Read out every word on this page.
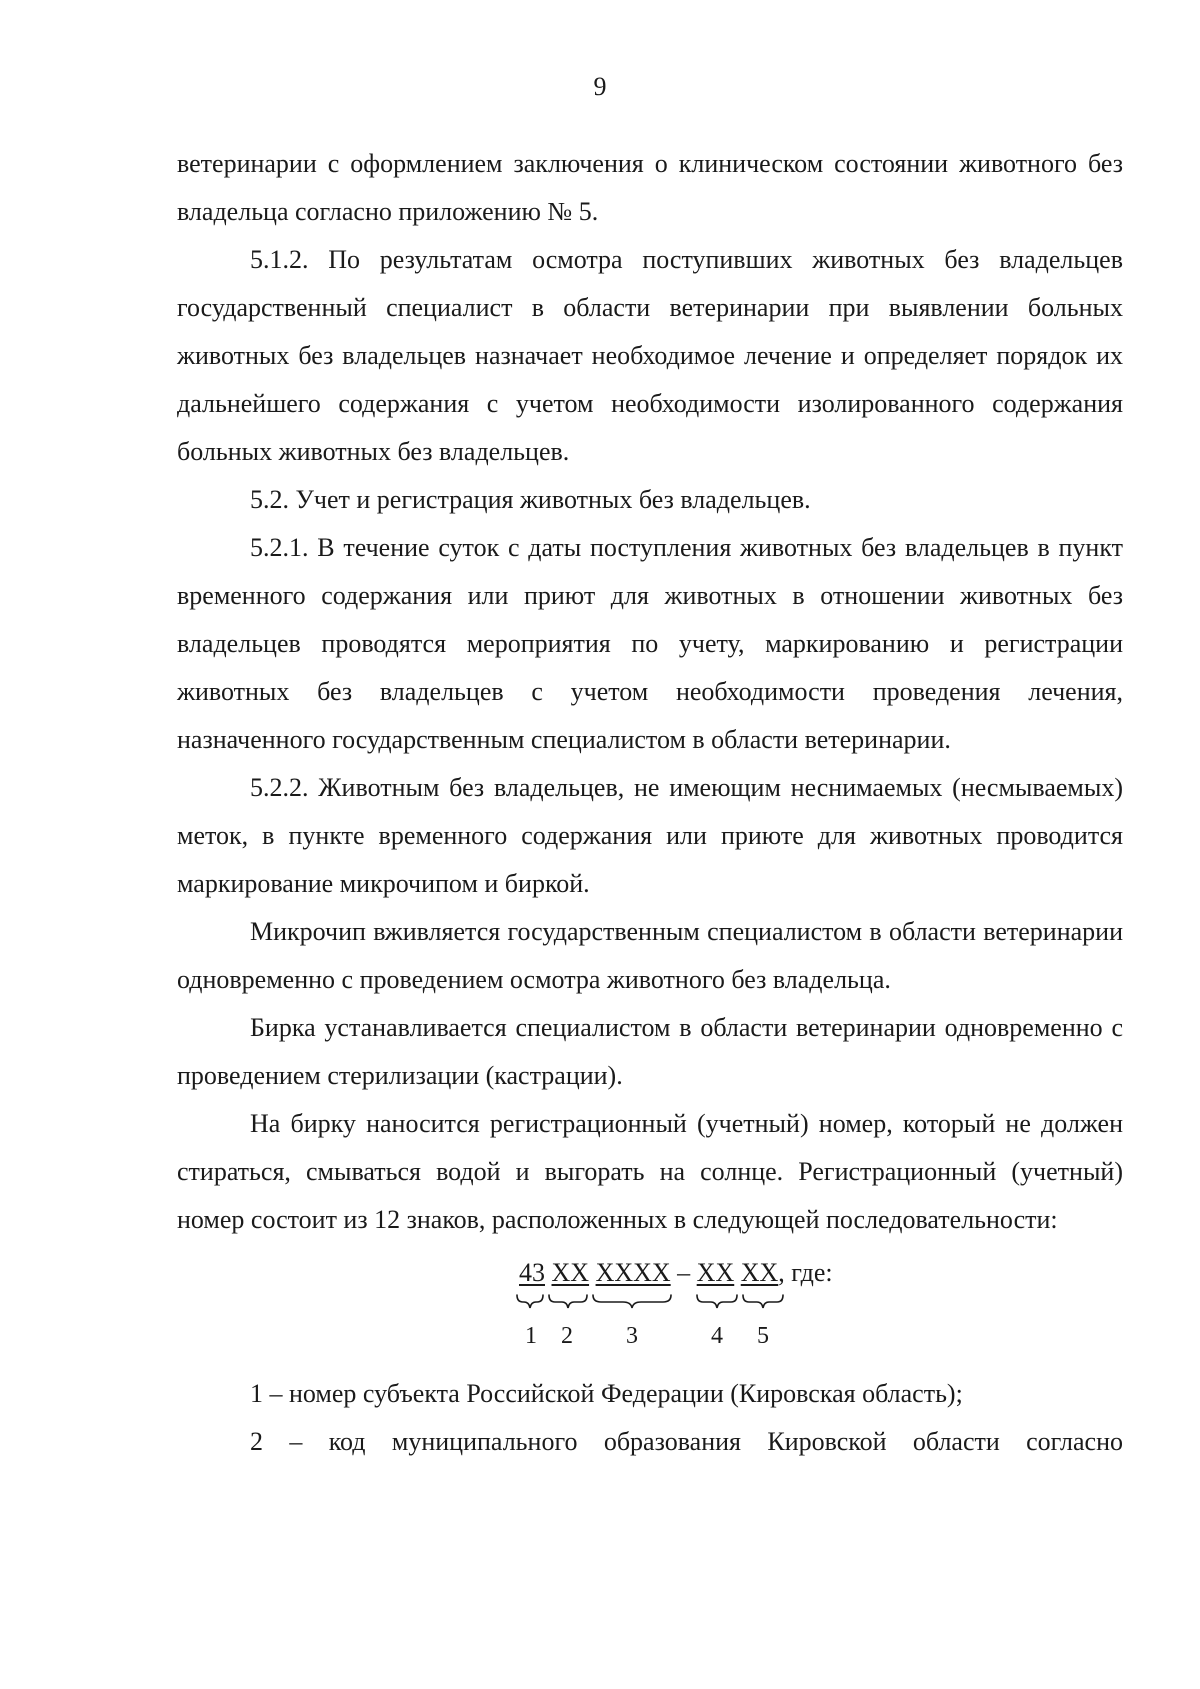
9

ветеринарии с оформлением заключения о клиническом состоянии животного без владельца согласно приложению № 5.

5.1.2. По результатам осмотра поступивших животных без владельцев государственный специалист в области ветеринарии при выявлении больных животных без владельцев назначает необходимое лечение и определяет порядок их дальнейшего содержания с учетом необходимости изолированного содержания больных животных без владельцев.

5.2. Учет и регистрация животных без владельцев.

5.2.1. В течение суток с даты поступления животных без владельцев в пункт временного содержания или приют для животных в отношении животных без владельцев проводятся мероприятия по учету, маркированию и регистрации животных без владельцев с учетом необходимости проведения лечения, назначенного государственным специалистом в области ветеринарии.

5.2.2. Животным без владельцев, не имеющим неснимаемых (несмываемых) меток, в пункте временного содержания или приюте для животных проводится маркирование микрочипом и биркой.

Микрочип вживляется государственным специалистом в области ветеринарии одновременно с проведением осмотра животного без владельца.

Бирка устанавливается специалистом в области ветеринарии одновременно с проведением стерилизации (кастрации).

На бирку наносится регистрационный (учетный) номер, который не должен стираться, смываться водой и выгорать на солнце. Регистрационный (учетный) номер состоит из 12 знаков, расположенных в следующей последовательности:

43 XX XXXX – XX XX, где:
1 2 3	4 5

1 – номер субъекта Российской Федерации (Кировская область);

2 – код муниципального образования Кировской области согласно
